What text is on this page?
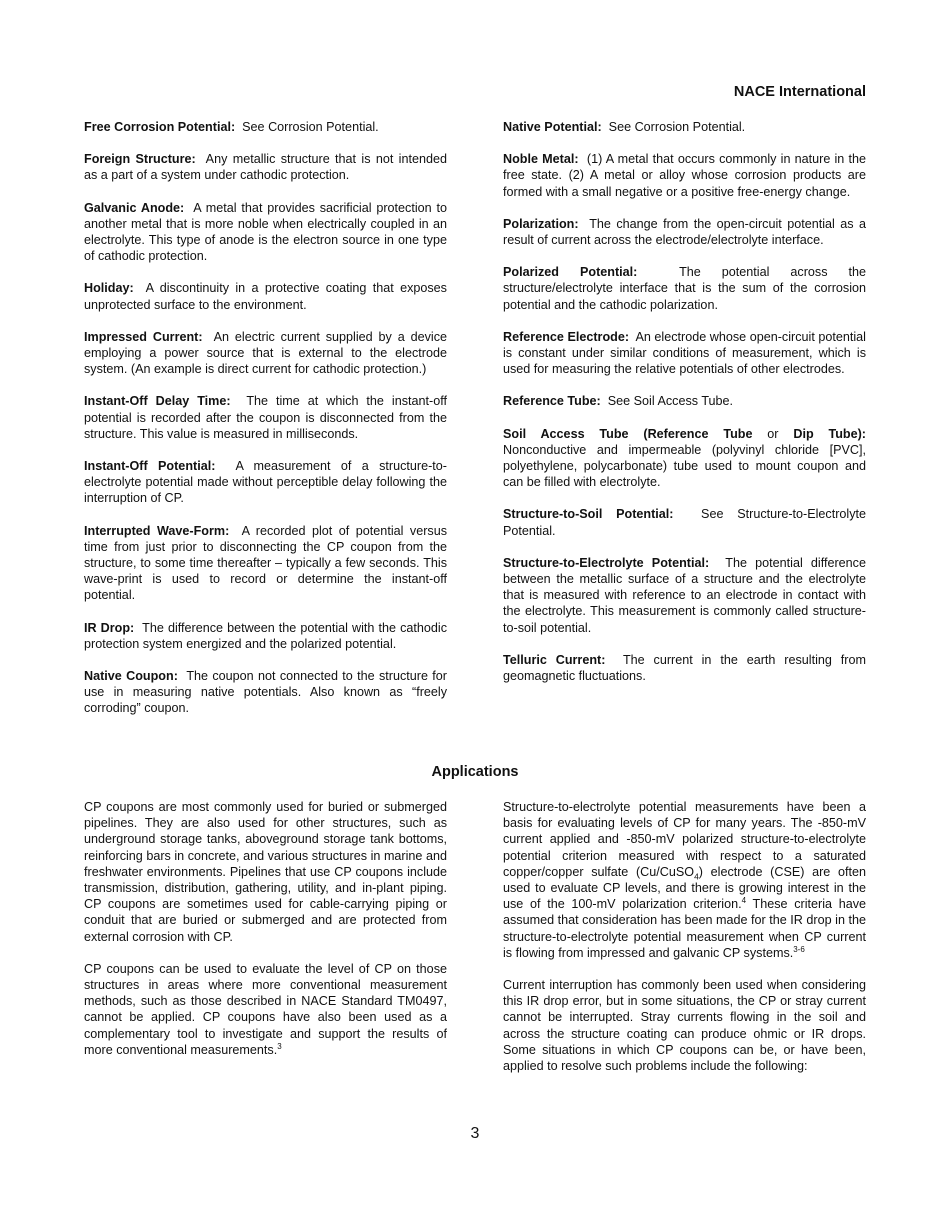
NACE International

Free Corrosion Potential: See Corrosion Potential.

Foreign Structure: Any metallic structure that is not intended as a part of a system under cathodic protection.

Galvanic Anode: A metal that provides sacrificial protection to another metal that is more noble when electrically coupled in an electrolyte. This type of anode is the electron source in one type of cathodic protection.

Holiday: A discontinuity in a protective coating that exposes unprotected surface to the environment.

Impressed Current: An electric current supplied by a device employing a power source that is external to the electrode system. (An example is direct current for cathodic protection.)

Instant-Off Delay Time: The time at which the instant-off potential is recorded after the coupon is disconnected from the structure. This value is measured in milliseconds.

Instant-Off Potential: A measurement of a structure-to-electrolyte potential made without perceptible delay following the interruption of CP.

Interrupted Wave-Form: A recorded plot of potential versus time from just prior to disconnecting the CP coupon from the structure, to some time thereafter – typically a few seconds. This wave-print is used to record or determine the instant-off potential.

IR Drop: The difference between the potential with the cathodic protection system energized and the polarized potential.

Native Coupon: The coupon not connected to the structure for use in measuring native potentials. Also known as “freely corroding” coupon.

Native Potential: See Corrosion Potential.

Noble Metal: (1) A metal that occurs commonly in nature in the free state. (2) A metal or alloy whose corrosion products are formed with a small negative or a positive free-energy change.

Polarization: The change from the open-circuit potential as a result of current across the electrode/electrolyte interface.

Polarized Potential:	The potential across the structure/electrolyte interface that is the sum of the corrosion potential and the cathodic polarization.

Reference Electrode: An electrode whose open-circuit potential is constant under similar conditions of measurement, which is used for measuring the relative potentials of other electrodes.

Reference Tube: See Soil Access Tube.

Soil Access Tube (Reference Tube or Dip Tube): Nonconductive and impermeable (polyvinyl chloride [PVC], polyethylene, polycarbonate) tube used to mount coupon and can be filled with electrolyte.

Structure-to-Soil Potential: See Structure-to-Electrolyte Potential.

Structure-to-Electrolyte Potential: The potential difference between the metallic surface of a structure and the electrolyte that is measured with reference to an electrode in contact with the electrolyte. This measurement is commonly called structure-to-soil potential.

Telluric Current: The current in the earth resulting from geomagnetic fluctuations.

Applications

CP coupons are most commonly used for buried or submerged pipelines. They are also used for other structures, such as underground storage tanks, aboveground storage tank bottoms, reinforcing bars in concrete, and various structures in marine and freshwater environments. Pipelines that use CP coupons include transmission, distribution, gathering, utility, and in-plant piping. CP coupons are sometimes used for cable-carrying piping or conduit that are buried or submerged and are protected from external corrosion with CP.

CP coupons can be used to evaluate the level of CP on those structures in areas where more conventional measurement methods, such as those described in NACE Standard TM0497, cannot be applied. CP coupons have also been used as a complementary tool to investigate and support the results of more conventional measurements.$^3$

Structure-to-electrolyte potential measurements have been a basis for evaluating levels of CP for many years. The -850-mV current applied and -850-mV polarized structure-to-electrolyte potential criterion measured with respect to a saturated copper/copper sulfate (Cu/CuSO$_4$) electrode (CSE) are often used to evaluate CP levels, and there is growing interest in the use of the 100-mV polarization criterion.$^4$ These criteria have assumed that consideration has been made for the IR drop in the structure-to-electrolyte potential measurement when CP current is flowing from impressed and galvanic CP systems.$^{3-6}$

Current interruption has commonly been used when considering this IR drop error, but in some situations, the CP or stray current cannot be interrupted. Stray currents flowing in the soil and across the structure coating can produce ohmic or IR drops. Some situations in which CP coupons can be, or have been, applied to resolve such problems include the following:

3
